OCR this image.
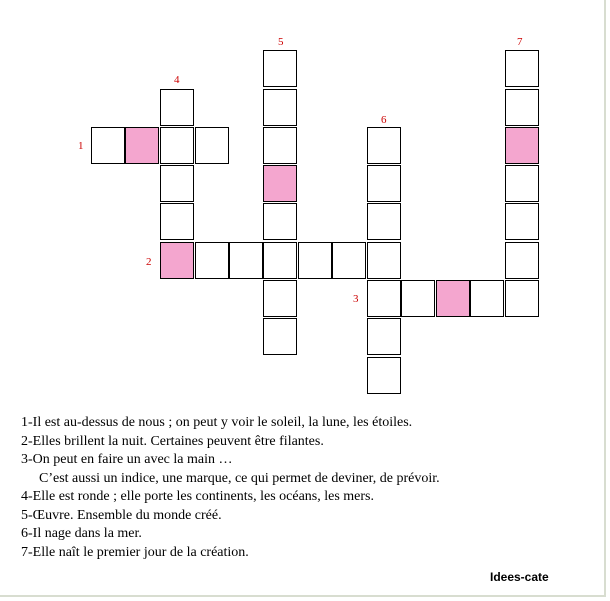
1
2
3
4
5
6
7
1-Il est au-dessus de nous ; on peut y voir le soleil, la lune, les étoiles.
2-Elles brillent la nuit. Certaines peuvent être filantes.
3-On peut en faire un avec la main …
C’est aussi un indice, une marque, ce qui permet de deviner, de prévoir.
4-Elle est ronde ; elle porte les continents, les océans, les mers.
5-Œuvre. Ensemble du monde créé.
6-Il nage dans la mer.
7-Elle naît le premier jour de la création.
Idees-cate
